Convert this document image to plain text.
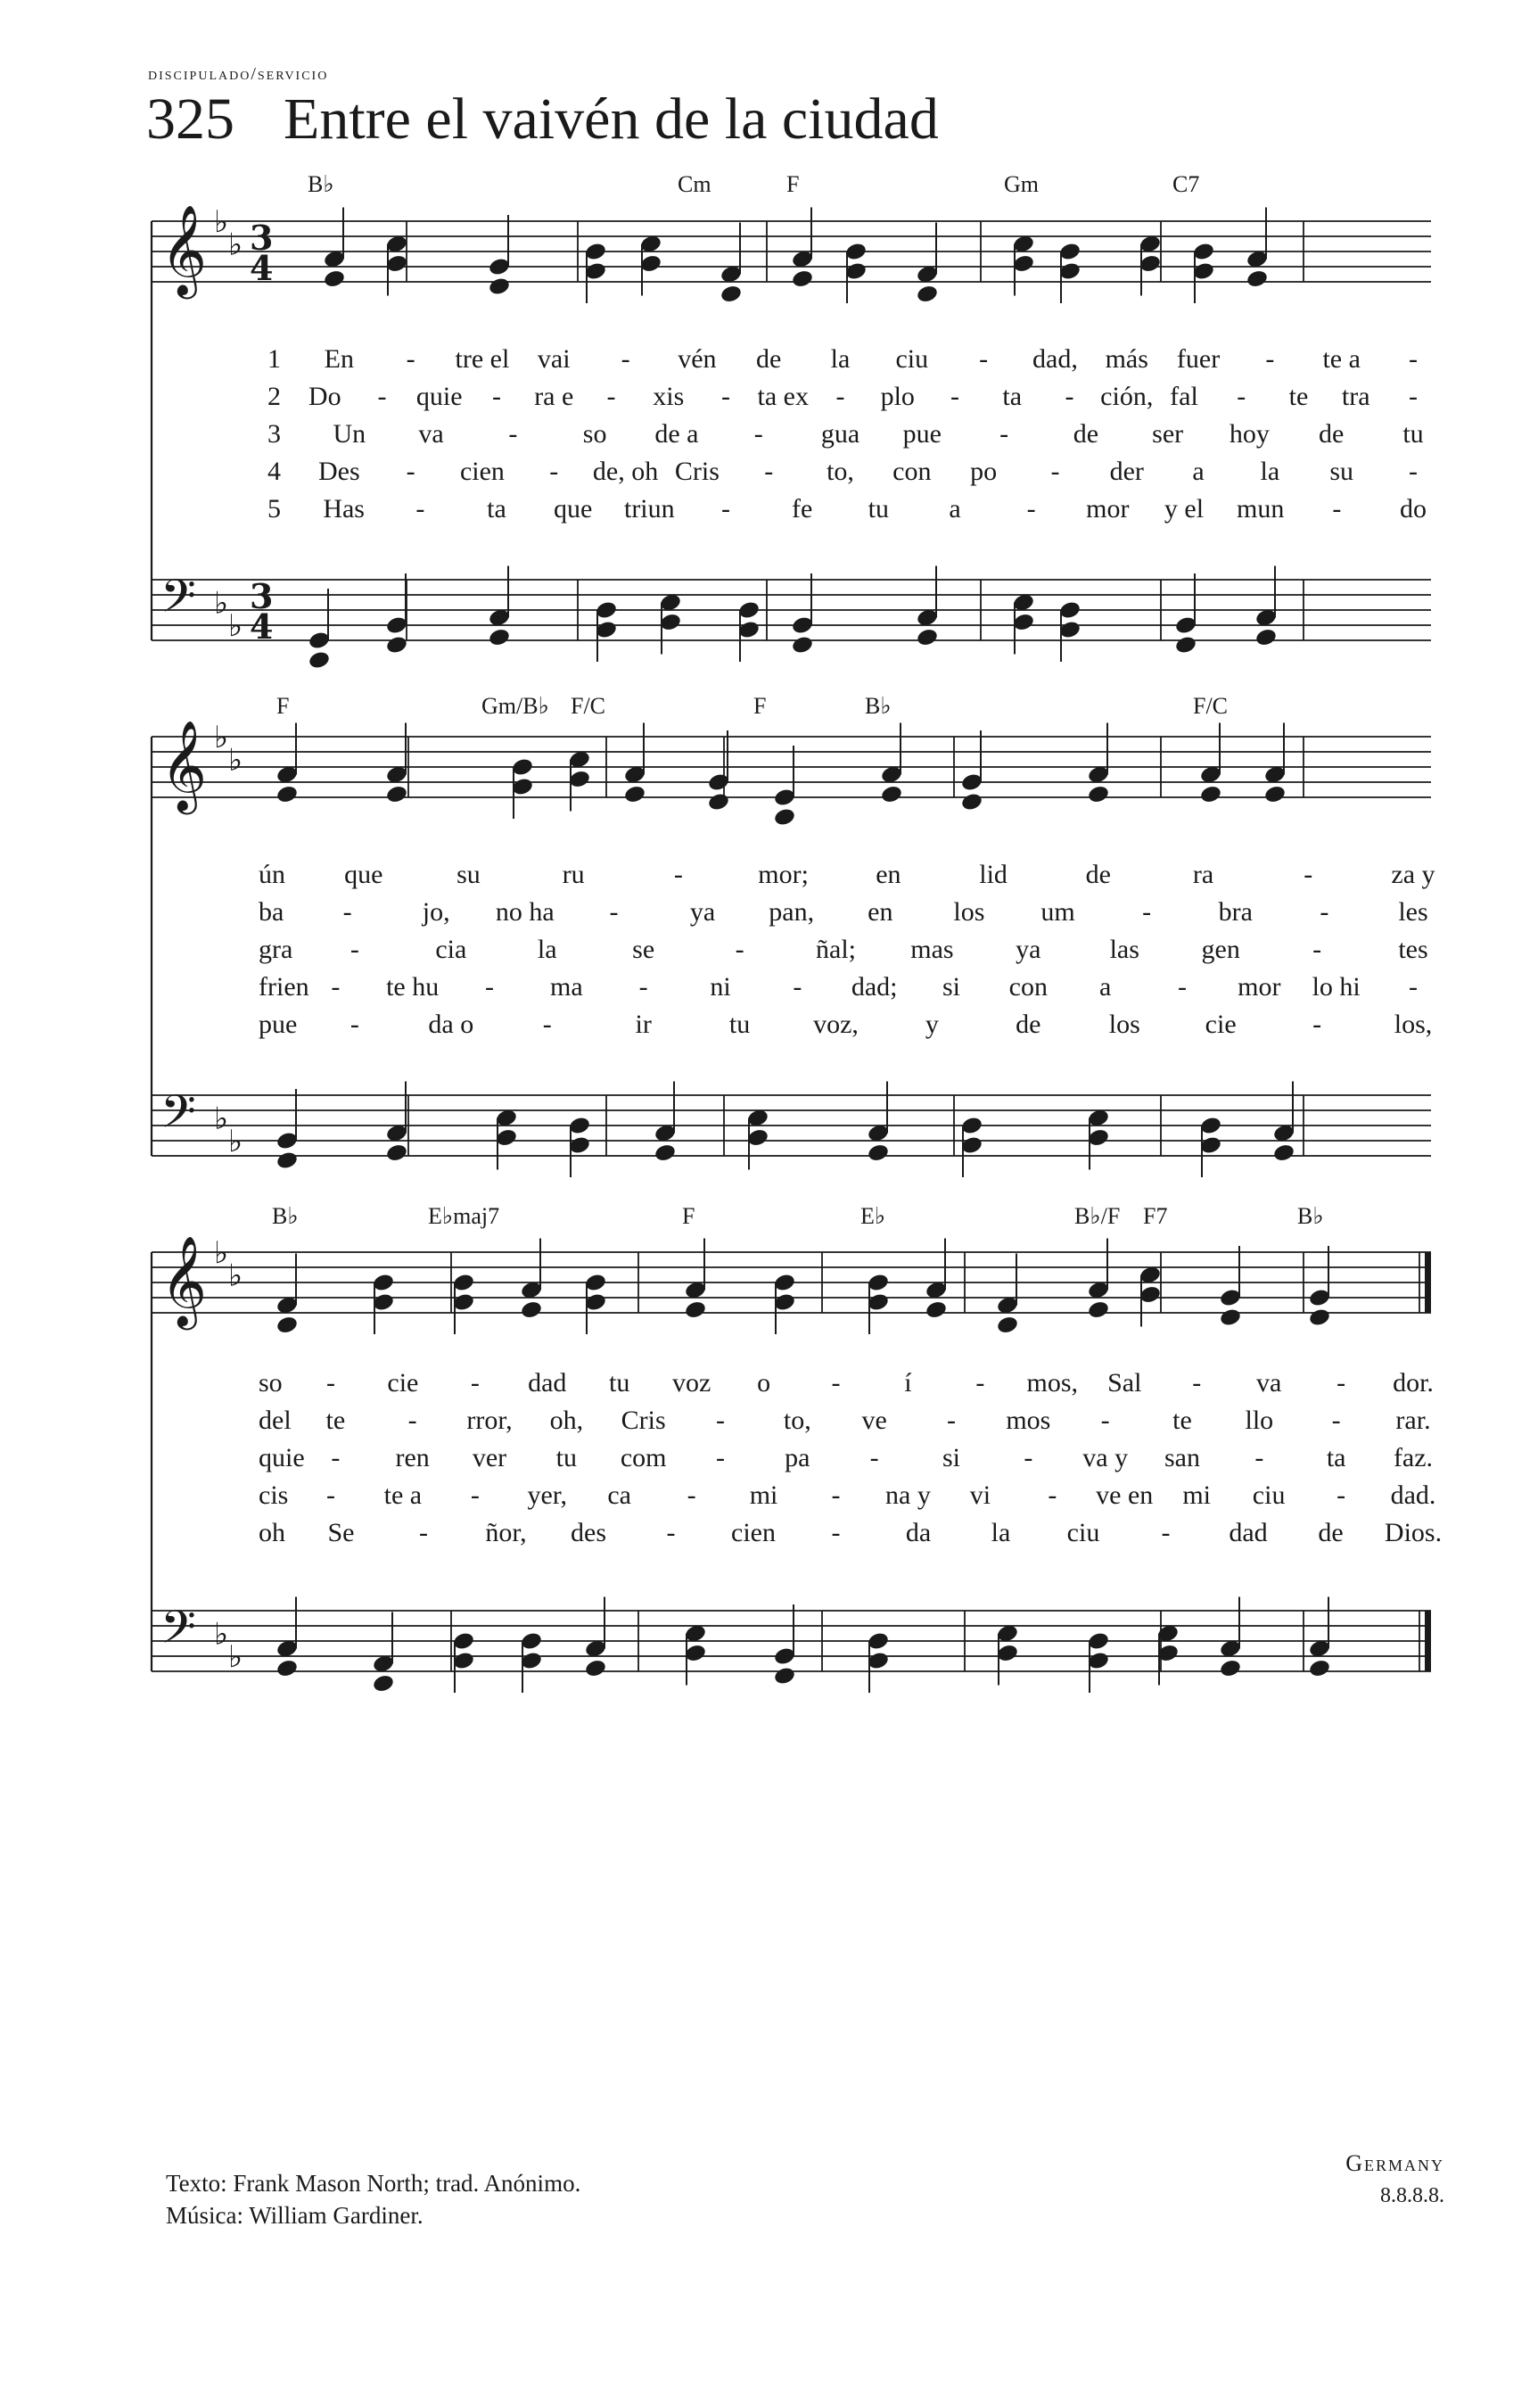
discipulado/servicio
325 Entre el vaivén de la ciudad
𝄞
𝄢
♭
♭
♭
♭
3
4
3
4
B♭	Cm	F	Gm	C7
1 En - tre el vai - vén de la ciu - dad, más fuer - te a -
2 Do - quie - ra e - xis - ta ex - plo - ta - ción, fal - te tra -
3 Un va - so de a - gua pue - de ser hoy de tu
4 Des - cien - de, oh Cris - to, con po - der a la su -
5 Has - ta que triun - fe tu a - mor y el mun - do
𝄞
𝄢
♭
♭
♭
♭
F	Gm/B♭ F/C	F	B♭	F/C
ún que	su	ru	-	mor;	en	lid	de	ra	-	za y
ba -	jo, no ha -	ya pan, en los um	-	bra	-	les
gra -	cia	la	se	-	ñal; mas ya	las gen	-	tes
frien - te hu - ma - ni - dad; si con a - mor lo hi -
pue -	da o	-	ir	tu voz,	y	de	los cie	-	los,
𝄞
𝄢
♭
♭
♭
♭
B♭	E♭maj7	F	E♭	B♭/F F7	B♭
so - cie - dad tu voz o - í - mos, Sal - va - dor.
del te - rror, oh, Cris - to, ve - mos - te llo - rar.
quie - ren ver tu com - pa - si - va y san - ta faz.
cis - te a - yer, ca - mi - na y vi - ve en mi ciu - dad.
oh Se - ñor, des - cien - da la ciu - dad de Dios.
Texto: Frank Mason North; trad. Anónimo.
Música: William Gardiner.
Germany
8.8.8.8.
